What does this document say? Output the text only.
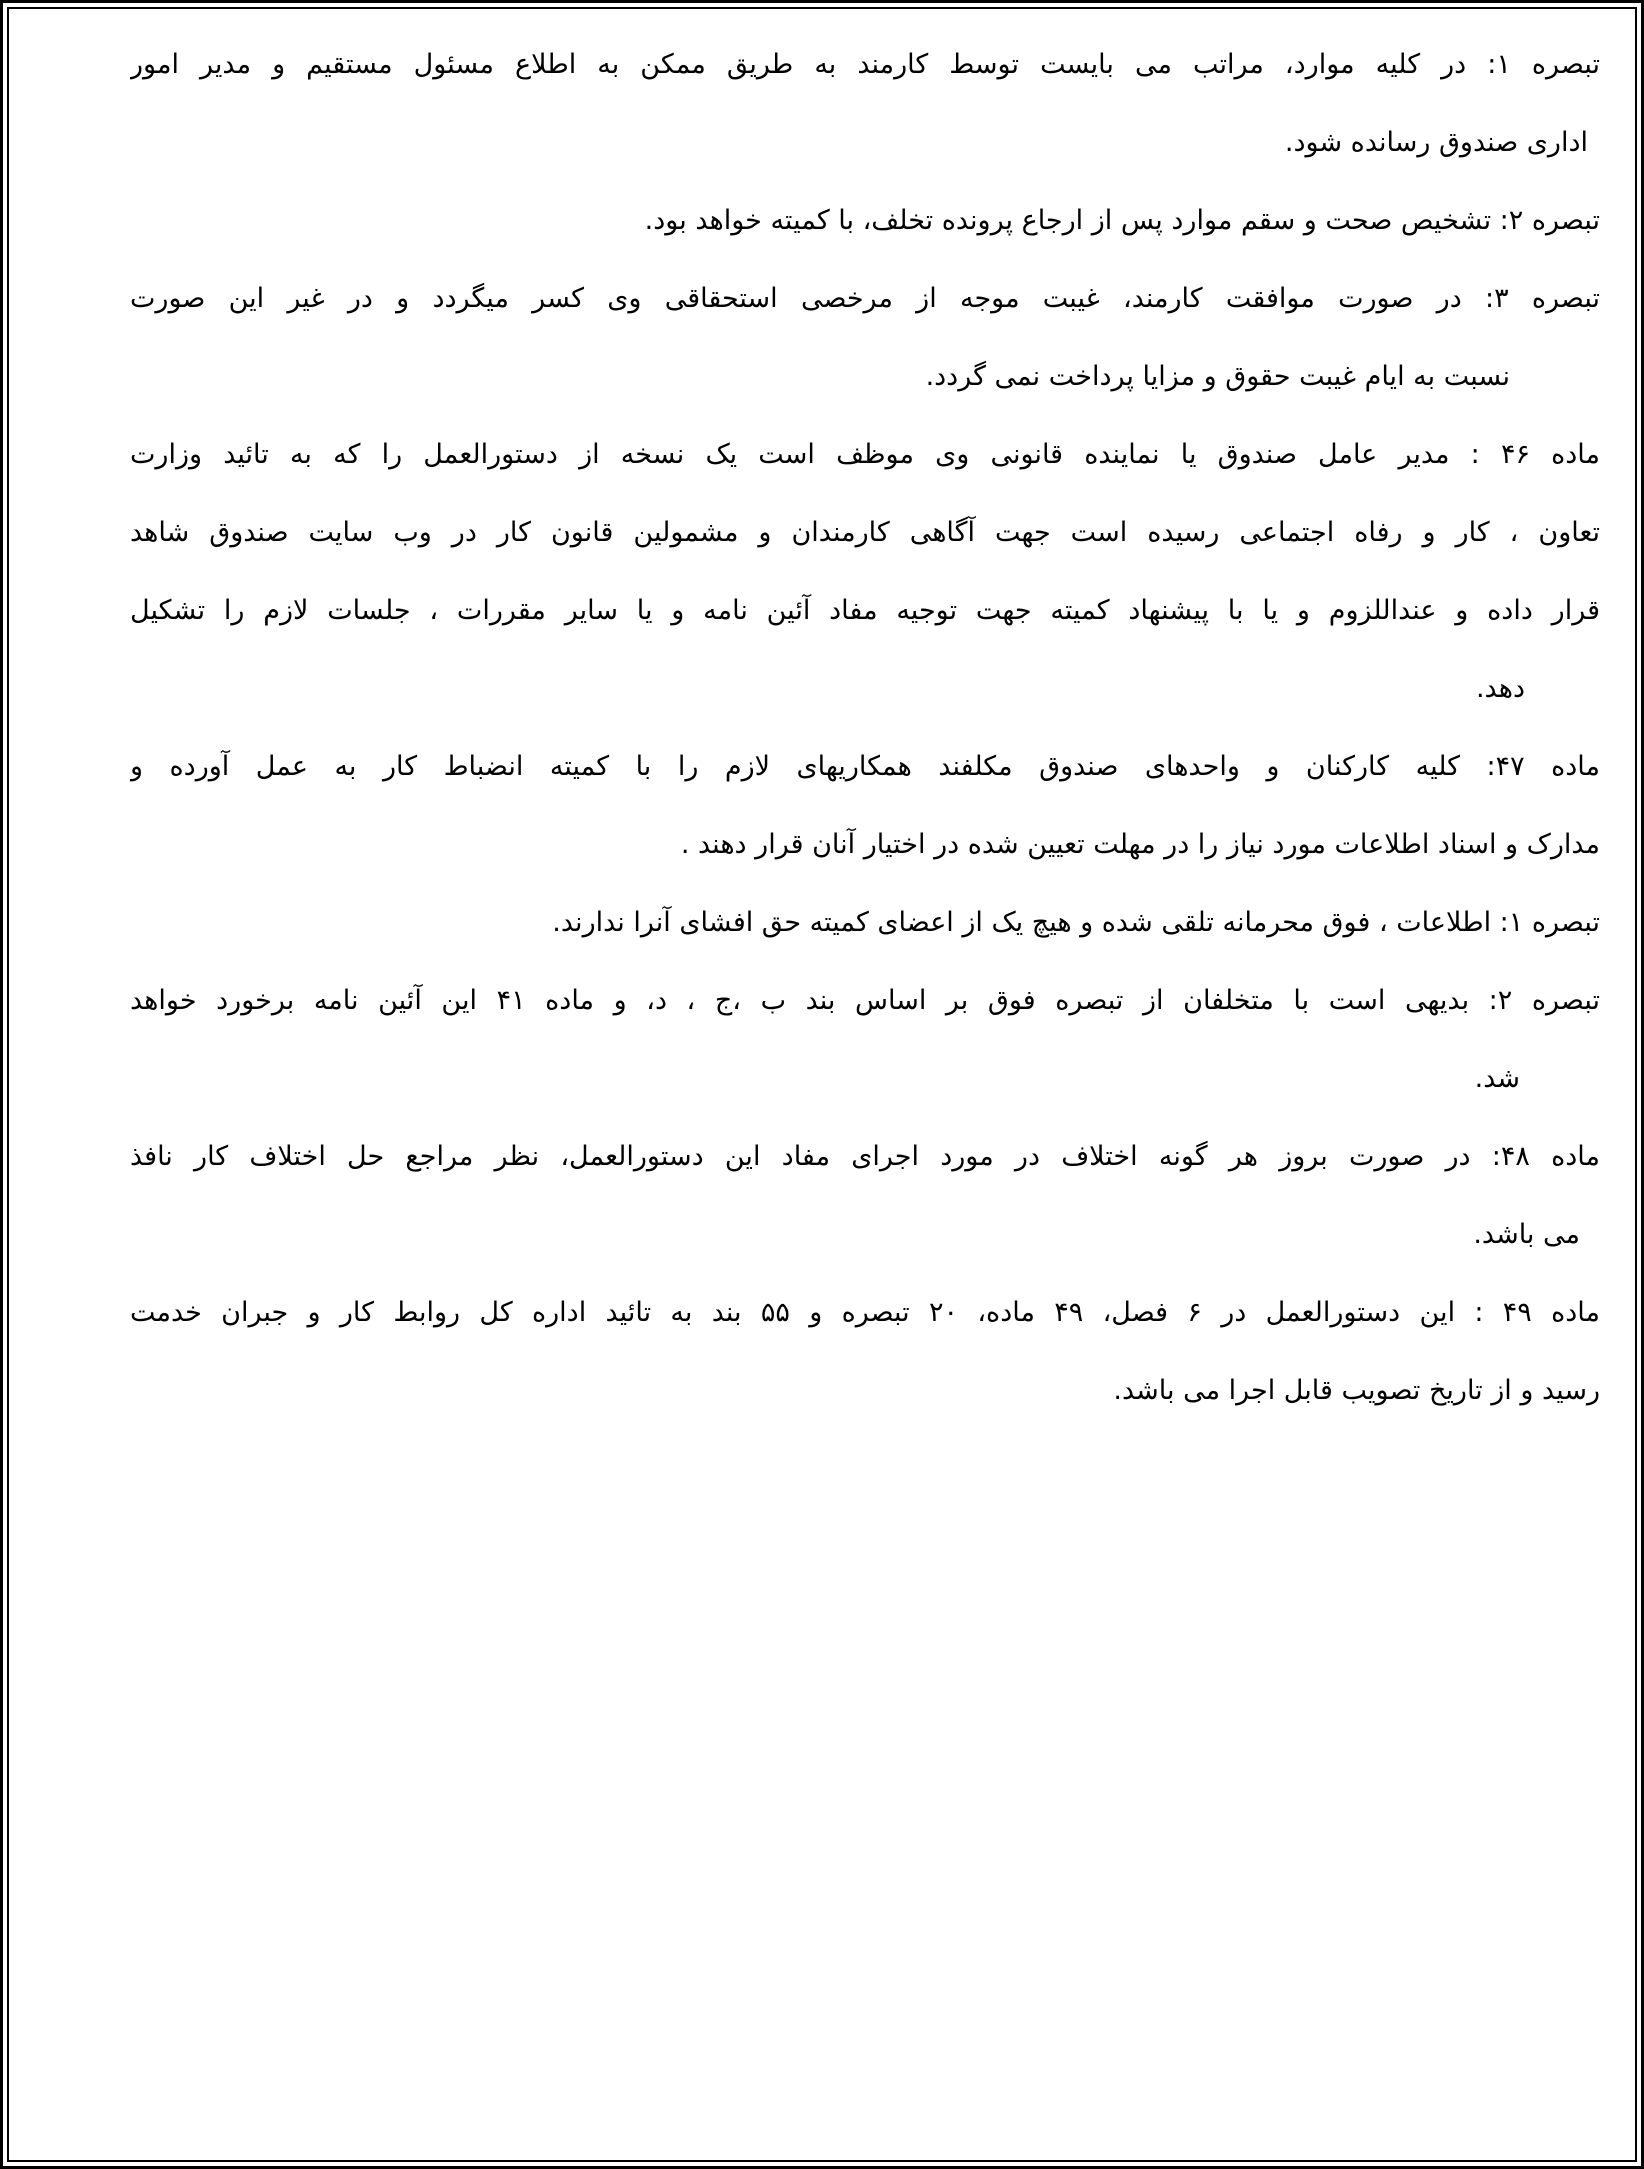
تبصره ۱: در کلیه موارد، مراتب می بایست توسط کارمند به طریق ممکن به اطلاع مسئول مستقیم و مدیر امور

اداری صندوق رسانده شود.

تبصره ۲: تشخیص صحت و سقم موارد پس از ارجاع پرونده تخلف، با کمیته خواهد بود.

تبصره ۳: در صورت موافقت کارمند، غیبت موجه از مرخصی استحقاقی وی کسر میگردد و در غیر این صورت

نسبت به ایام غیبت حقوق و مزایا پرداخت نمی گردد.

ماده ۴۶ : مدیر عامل صندوق یا نماینده قانونی وی موظف است یک نسخه از دستورالعمل را که به تائید وزارت

تعاون ، کار و رفاه اجتماعی رسیده است جهت آگاهی کارمندان و مشمولین قانون کار در وب سایت صندوق شاهد

قرار داده و عنداللزوم و یا با پیشنهاد کمیته جهت توجیه مفاد آئین نامه و یا سایر مقررات ، جلسات لازم را تشکیل

دهد.

ماده ۴۷: کلیه کارکنان و واحدهای صندوق مکلفند همکاریهای لازم را با کمیته انضباط کار به عمل آورده و

مدارک و اسناد اطلاعات مورد نیاز را در مهلت تعیین شده در اختیار آنان قرار دهند .

تبصره ۱: اطلاعات ، فوق محرمانه تلقی شده و هیچ یک از اعضای کمیته حق افشای آنرا ندارند.

تبصره ۲: بدیهی است با متخلفان از تبصره فوق بر اساس بند ب ،ج ، د، و ماده ۴۱ این آئین نامه برخورد خواهد

شد.

ماده ۴۸: در صورت بروز هر گونه اختلاف در مورد اجرای مفاد این دستورالعمل، نظر مراجع حل اختلاف کار نافذ

می باشد.

ماده ۴۹ : این دستورالعمل در ۶ فصل، ۴۹ ماده، ۲۰ تبصره و ۵۵ بند به تائید اداره کل روابط کار و جبران خدمت

رسید و از تاریخ تصویب قابل اجرا می باشد.
